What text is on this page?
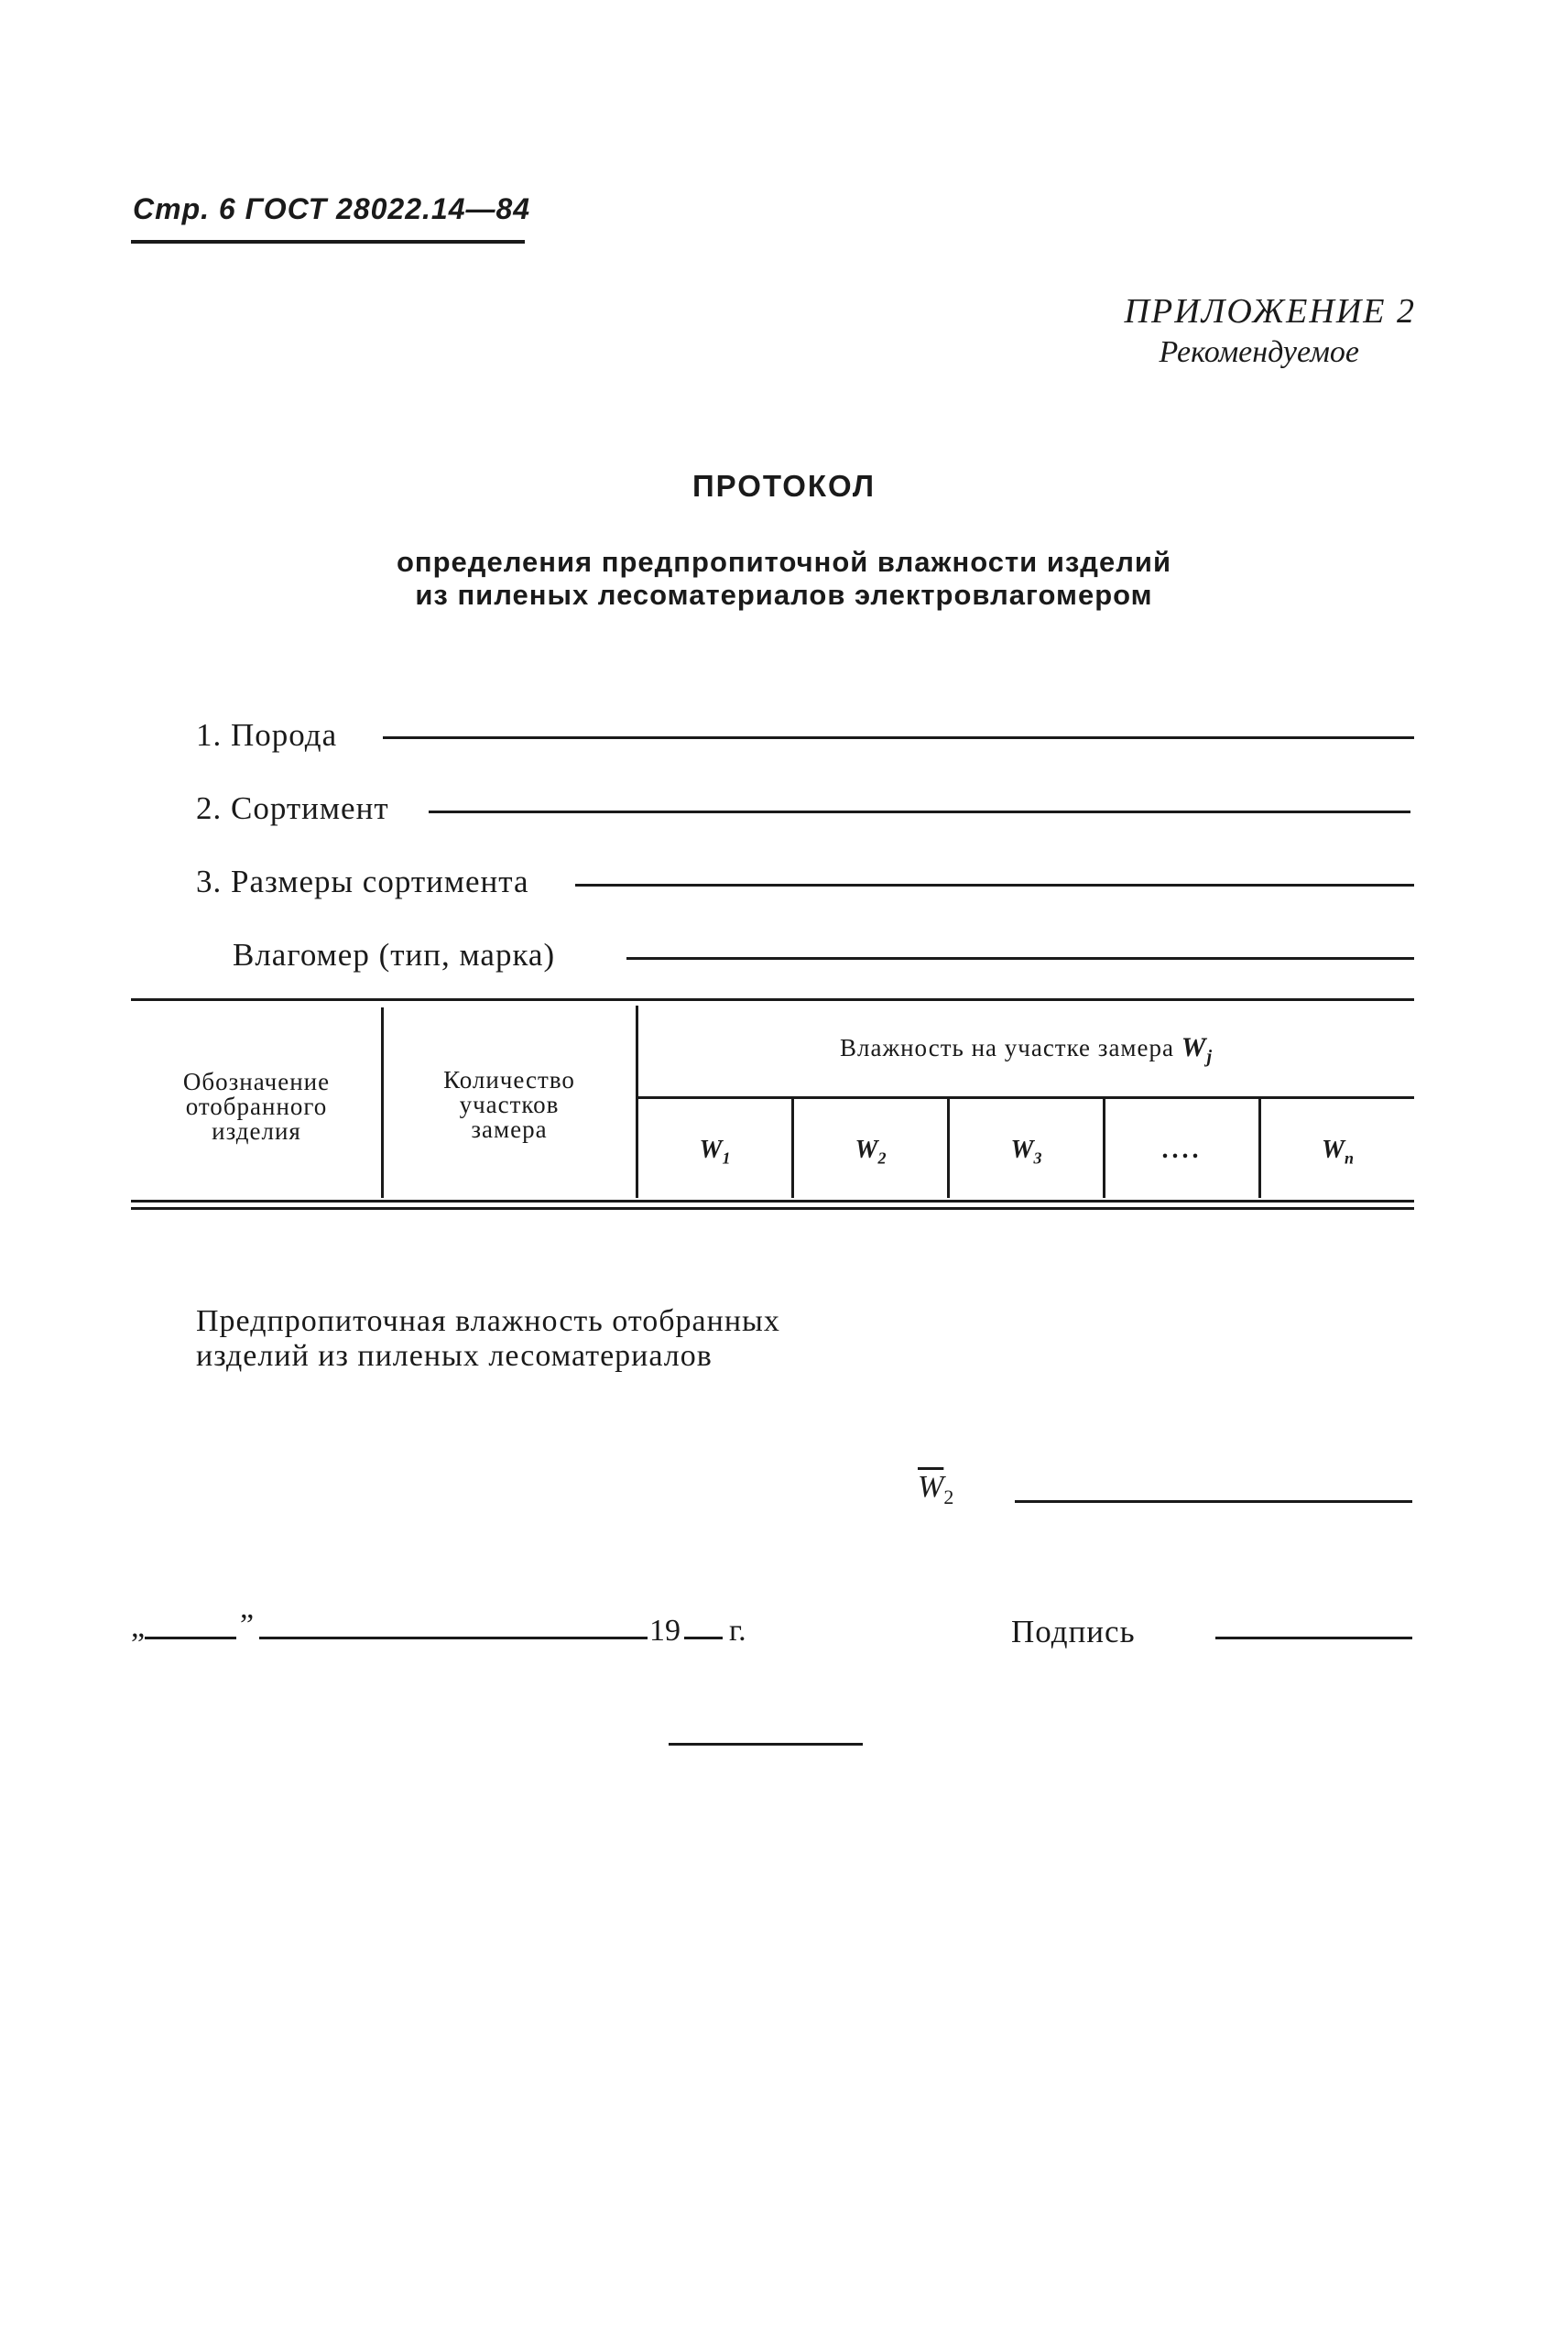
Стр. 6 ГОСТ 28022.14—84
ПРИЛОЖЕНИЕ 2
Рекомендуемое
ПРОТОКОЛ
определения предпропиточной влажности изделий
из пиленых лесоматериалов электровлагомером
1. Порода
2. Сортимент
3. Размеры сортимента
Влагомер (тип, марка)
Обозначение
отобранного
изделия
Количество
участков
замера
Влажность на участке замера $W_j$
$W_1$	$W_2$	$W_3$	....	$W_n$
Предпропиточная влажность отобранных
изделий из пиленых лесоматериалов
$\overline{W}_2$
„	”	19 г.	Подпись
